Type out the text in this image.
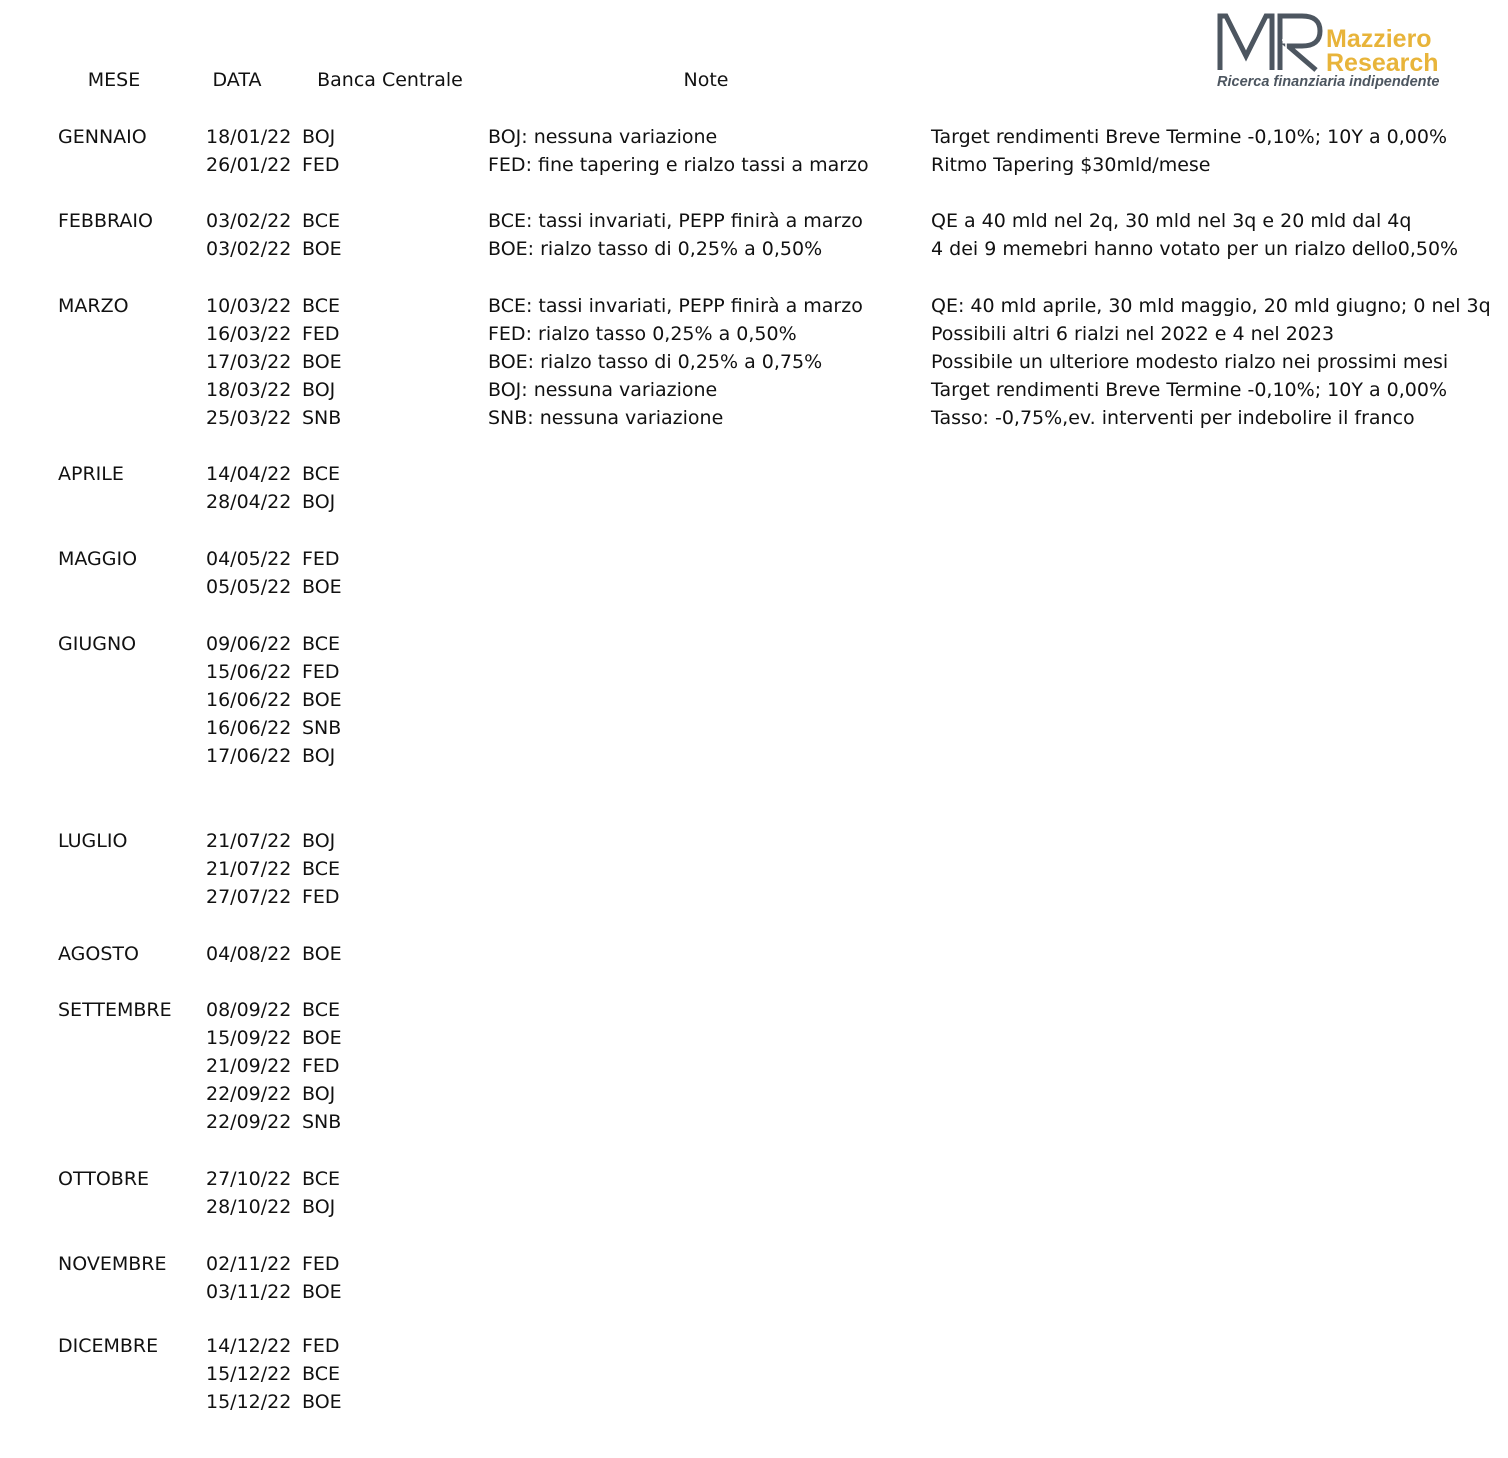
Mazziero
Research
Ricerca finanziaria indipendente
MESE	DATA	Banca Centrale	Note
GENNAIO	18/01/22 BOJ	BOJ: nessuna variazione	Target rendimenti Breve Termine -0,10%; 10Y a 0,00%
26/01/22 FED	FED: fine tapering e rialzo tassi a marzo	Ritmo Tapering $30mld/mese
FEBBRAIO	03/02/22 BCE	BCE: tassi invariati, PEPP finirà a marzo	QE a 40 mld nel 2q, 30 mld nel 3q e 20 mld dal 4q
03/02/22 BOE	BOE: rialzo tasso di 0,25% a 0,50%	4 dei 9 memebri hanno votato per un rialzo dello0,50%
MARZO	10/03/22 BCE	BCE: tassi invariati, PEPP finirà a marzo	QE: 40 mld aprile, 30 mld maggio, 20 mld giugno; 0 nel 3q
16/03/22 FED	FED: rialzo tasso 0,25% a 0,50%	Possibili altri 6 rialzi nel 2022 e 4 nel 2023
17/03/22 BOE	BOE: rialzo tasso di 0,25% a 0,75%	Possibile un ulteriore modesto rialzo nei prossimi mesi
18/03/22 BOJ	BOJ: nessuna variazione	Target rendimenti Breve Termine -0,10%; 10Y a 0,00%
25/03/22 SNB	SNB: nessuna variazione	Tasso: -0,75%,ev. interventi per indebolire il franco
APRILE	14/04/22 BCE
28/04/22 BOJ
MAGGIO	04/05/22 FED
05/05/22 BOE
GIUGNO	09/06/22 BCE
15/06/22 FED
16/06/22 BOE
16/06/22 SNB
17/06/22 BOJ
LUGLIO	21/07/22 BOJ
21/07/22 BCE
27/07/22 FED
AGOSTO	04/08/22 BOE
SETTEMBRE 08/09/22 BCE
15/09/22 BOE
21/09/22 FED
22/09/22 BOJ
22/09/22 SNB
OTTOBRE	27/10/22 BCE
28/10/22 BOJ
NOVEMBRE 02/11/22 FED
03/11/22 BOE
DICEMBRE	14/12/22 FED
15/12/22 BCE
15/12/22 BOE
